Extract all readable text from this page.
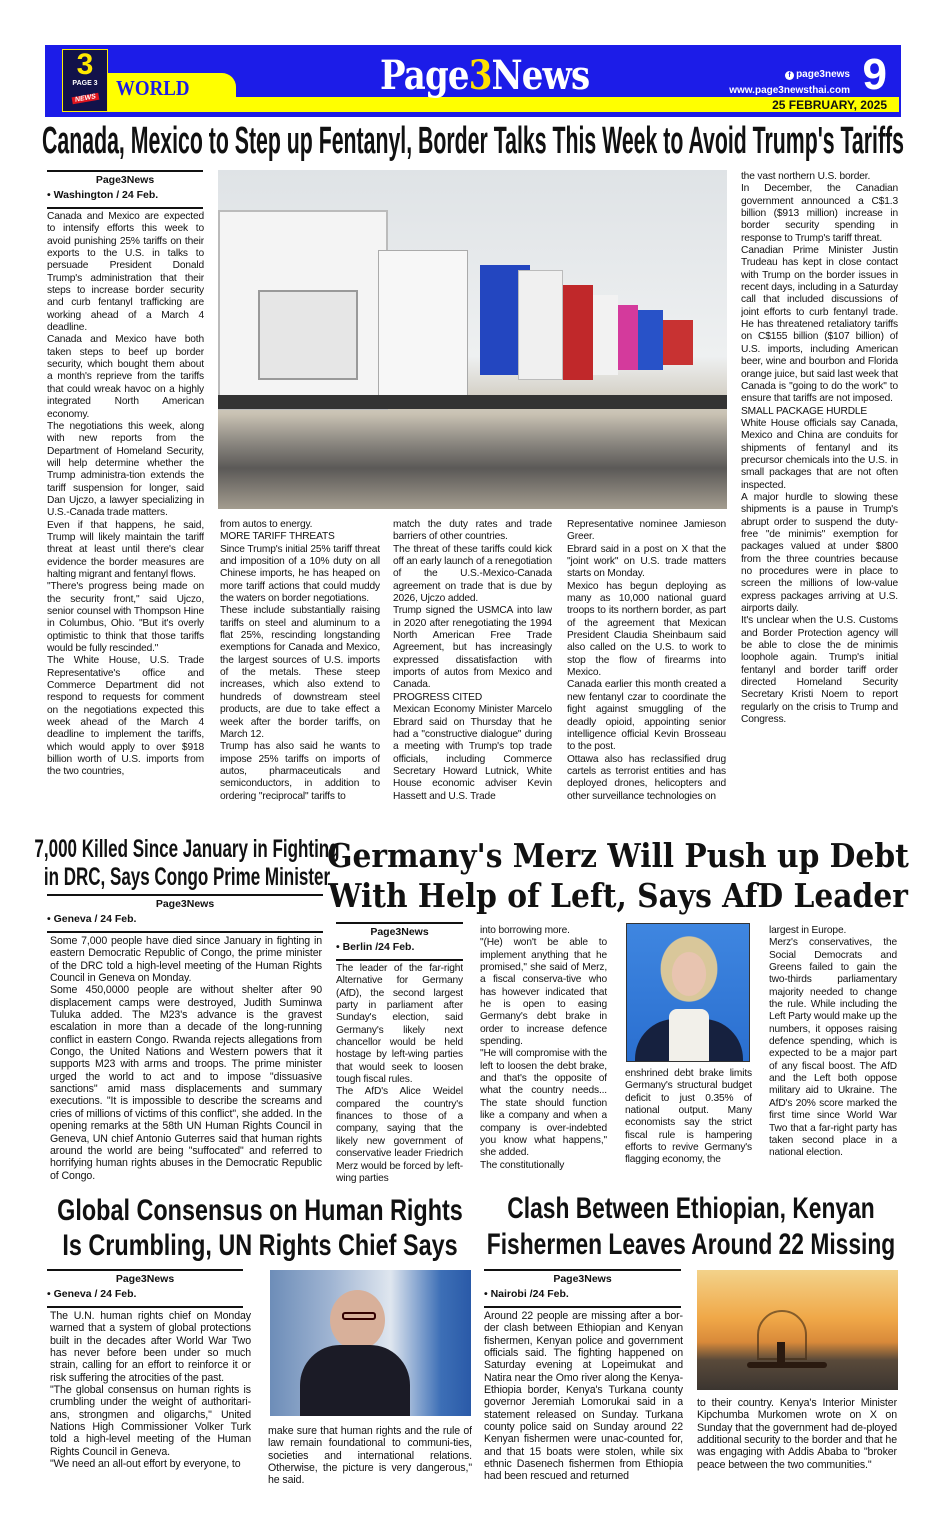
3
PAGE 3
NEWS WORLD	Page3News	f page3news
www.page3newsthai.com 9
25 FEBRUARY, 2025
Canada, Mexico to Step up Fentanyl, Border Talks This Week to Avoid Trump's Tariffs
Page3News
• Washington / 24 Feb.

Canada and Mexico are expected to intensify efforts this week to avoid punishing 25% tariffs on their exports to the U.S. in talks to persuade President Donald Trump's administration that their steps to increase border security and curb fentanyl trafficking are working ahead of a March 4 deadline.

Canada and Mexico have both taken steps to beef up border security, which bought them about a month's reprieve from the tariffs that could wreak havoc on a highly integrated North American economy.

The negotiations this week, along with new reports from the Department of Homeland Security, will help determine whether the Trump administra-tion extends the tariff suspension for longer, said Dan Ujczo, a lawyer specializing in U.S.-Canada trade matters.

Even if that happens, he said, Trump will likely maintain the tariff threat at least until there's clear evidence the border measures are halting migrant and fentanyl flows.

"There's progress being made on the security front," said Ujczo, senior counsel with Thompson Hine in Columbus, Ohio. "But it's overly optimistic to think that those tariffs would be fully rescinded."

The White House, U.S. Trade Representative's office and Commerce Department did not respond to requests for comment on the negotiations expected this week ahead of the March 4 deadline to implement the tariffs, which would apply to over $918 billion worth of U.S. imports from the two countries,

from autos to energy.

MORE TARIFF THREATS

Since Trump's initial 25% tariff threat and imposition of a 10% duty on all Chinese imports, he has heaped on more tariff actions that could muddy the waters on border negotiations.

These include substantially raising tariffs on steel and aluminum to a flat 25%, rescinding longstanding exemptions for Canada and Mexico, the largest sources of U.S. imports of the metals. These steep increases, which also extend to hundreds of downstream steel products, are due to take effect a week after the border tariffs, on March 12.

Trump has also said he wants to impose 25% tariffs on imports of autos, pharmaceuticals and semiconductors, in addition to ordering "reciprocal" tariffs to

match the duty rates and trade barriers of other countries.

The threat of these tariffs could kick off an early launch of a renegotiation of the U.S.-Mexico-Canada agreement on trade that is due by 2026, Ujczo added.

Trump signed the USMCA into law in 2020 after renegotiating the 1994 North American Free Trade Agreement, but has increasingly expressed dissatisfaction with imports of autos from Mexico and Canada.

PROGRESS CITED

Mexican Economy Minister Marcelo Ebrard said on Thursday that he had a "constructive dialogue" during a meeting with Trump's top trade officials, including Commerce Secretary Howard Lutnick, White House economic adviser Kevin Hassett and U.S. Trade

Representative nominee Jamieson Greer.

Ebrard said in a post on X that the "joint work" on U.S. trade matters starts on Monday.

Mexico has begun deploying as many as 10,000 national guard troops to its northern border, as part of the agreement that Mexican President Claudia Sheinbaum said also called on the U.S. to work to stop the flow of firearms into Mexico.

Canada earlier this month created a new fentanyl czar to coordinate the fight against smuggling of the deadly opioid, appointing senior intelligence official Kevin Brosseau to the post.

Ottawa also has reclassified drug cartels as terrorist entities and has deployed drones, helicopters and other surveillance technologies on

the vast northern U.S. border.

In December, the Canadian government announced a C$1.3 billion ($913 million) increase in border security spending in response to Trump's tariff threat.

Canadian Prime Minister Justin Trudeau has kept in close contact with Trump on the border issues in recent days, including in a Saturday call that included discussions of joint efforts to curb fentanyl trade. He has threatened retaliatory tariffs on C$155 billion ($107 billion) of U.S. imports, including American beer, wine and bourbon and Florida orange juice, but said last week that Canada is "going to do the work" to ensure that tariffs are not imposed.

SMALL PACKAGE HURDLE

White House officials say Canada, Mexico and China are conduits for shipments of fentanyl and its precursor chemicals into the U.S. in small packages that are not often inspected.

A major hurdle to slowing these shipments is a pause in Trump's abrupt order to suspend the duty-free "de minimis" exemption for packages valued at under $800 from the three countries because no procedures were in place to screen the millions of low-value express packages arriving at U.S. airports daily.

It's unclear when the U.S. Customs and Border Protection agency will be able to close the de minimis loophole again. Trump's initial fentanyl and border tariff order directed Homeland Security Secretary Kristi Noem to report regularly on the crisis to Trump and Congress.

7,000 Killed Since January in Fighting
in DRC, Says Congo Prime Minister
Page3News
• Geneva / 24 Feb.

Some 7,000 people have died since January in fighting in eastern Democratic Republic of Congo, the prime minister of the DRC told a high-level meeting of the Human Rights Council in Geneva on Monday.

Some 450,0000 people are without shelter after 90 displacement camps were destroyed, Judith Suminwa Tuluka added. The M23's advance is the gravest escalation in more than a decade of the long-running conflict in eastern Congo. Rwanda rejects allegations from Congo, the United Nations and Western powers that it supports M23 with arms and troops. The prime minister urged the world to act and to impose "dissuasive sanctions" amid mass displacements and summary executions. "It is impossible to describe the screams and cries of millions of victims of this conflict", she added. In the opening remarks at the 58th UN Human Rights Council in Geneva, UN chief Antonio Guterres said that human rights around the world are being "suffocated" and referred to horrifying human rights abuses in the Democratic Republic of Congo.

Germany's Merz Will Push up Debt
With Help of Left, Says AfD Leader
Page3News
• Berlin /24 Feb.

The leader of the far-right Alternative for Germany (AfD), the second largest party in parliament after Sunday's election, said Germany's likely next chancellor would be held hostage by left-wing parties that would seek to loosen tough fiscal rules.

The AfD's Alice Weidel compared the country's finances to those of a company, saying that the likely new government of conservative leader Friedrich Merz would be forced by left-wing parties

into borrowing more.

"(He) won't be able to implement anything that he promised," she said of Merz, a fiscal conserva-tive who has however indicated that he is open to easing Germany's debt brake in order to increase defence spending.

"He will compromise with the left to loosen the debt brake, and that's the opposite of what the country needs... The state should function like a company and when a company is over-indebted you know what happens," she added.

The constitutionally

enshrined debt brake limits Germany's structural budget deficit to just 0.35% of national output. Many economists say the strict fiscal rule is hampering efforts to revive Germany's flagging economy, the

largest in Europe.

Merz's conservatives, the Social Democrats and Greens failed to gain the two-thirds parliamentary majority needed to change the rule. While including the Left Party would make up the numbers, it opposes raising defence spending, which is expected to be a major part of any fiscal boost. The AfD and the Left both oppose military aid to Ukraine. The AfD's 20% score marked the first time since World War Two that a far-right party has taken second place in a national election.

Global Consensus on Human Rights
Is Crumbling, UN Rights Chief Says
Page3News
• Geneva / 24 Feb.

The U.N. human rights chief on Monday warned that a system of global protections built in the decades after World War Two has never before been under so much strain, calling for an effort to reinforce it or risk suffering the atrocities of the past.

"The global consensus on human rights is crumbling under the weight of authoritari-ans, strongmen and oligarchs," United Nations High Commissioner Volker Turk told a high-level meeting of the Human Rights Council in Geneva.

"We need an all-out effort by everyone, to

make sure that human rights and the rule of law remain foundational to communi-ties, societies and international relations. Otherwise, the picture is very dangerous," he said.

Clash Between Ethiopian, Kenyan
Fishermen Leaves Around 22 Missing
Page3News
• Nairobi /24 Feb.

Around 22 people are missing after a bor-der clash between Ethiopian and Kenyan fishermen, Kenyan police and government officials said. The fighting happened on Saturday evening at Lopeimukat and Natira near the Omo river along the Kenya-Ethiopia border, Kenya's Turkana county governor Jeremiah Lomorukai said in a statement released on Sunday. Turkana county police said on Sunday around 22 Kenyan fishermen were unac-counted for, and that 15 boats were stolen, while six ethnic Dasenech fishermen from Ethiopia had been rescued and returned

to their country. Kenya's Interior Minister Kipchumba Murkomen wrote on X on Sunday that the government had de-ployed additional security to the border and that he was engaging with Addis Ababa to "broker peace between the two communities."
